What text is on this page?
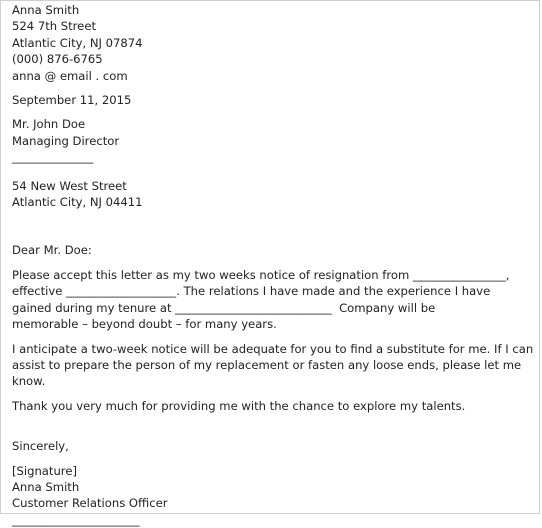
Anna Smith
524 7th Street
Atlantic City, NJ 07874
(000) 876-6765
anna @ email . com
September 11, 2015
Mr. John Doe
Managing Director
______________
54 New West Street
Atlantic City, NJ 04411
Dear Mr. Doe:
Please accept this letter as my two weeks notice of resignation from ________________,
effective ___________________. The relations I have made and the experience I have
gained during my tenure at ___________________________  Company will be
memorable – beyond doubt – for many years.
I anticipate a two-week notice will be adequate for you to find a substitute for me. If I can assist to prepare the person of my replacement or fasten any loose ends, please let me know.
Thank you very much for providing me with the chance to explore my talents.
Sincerely,
[Signature]
Anna Smith
Customer Relations Officer
______________________
